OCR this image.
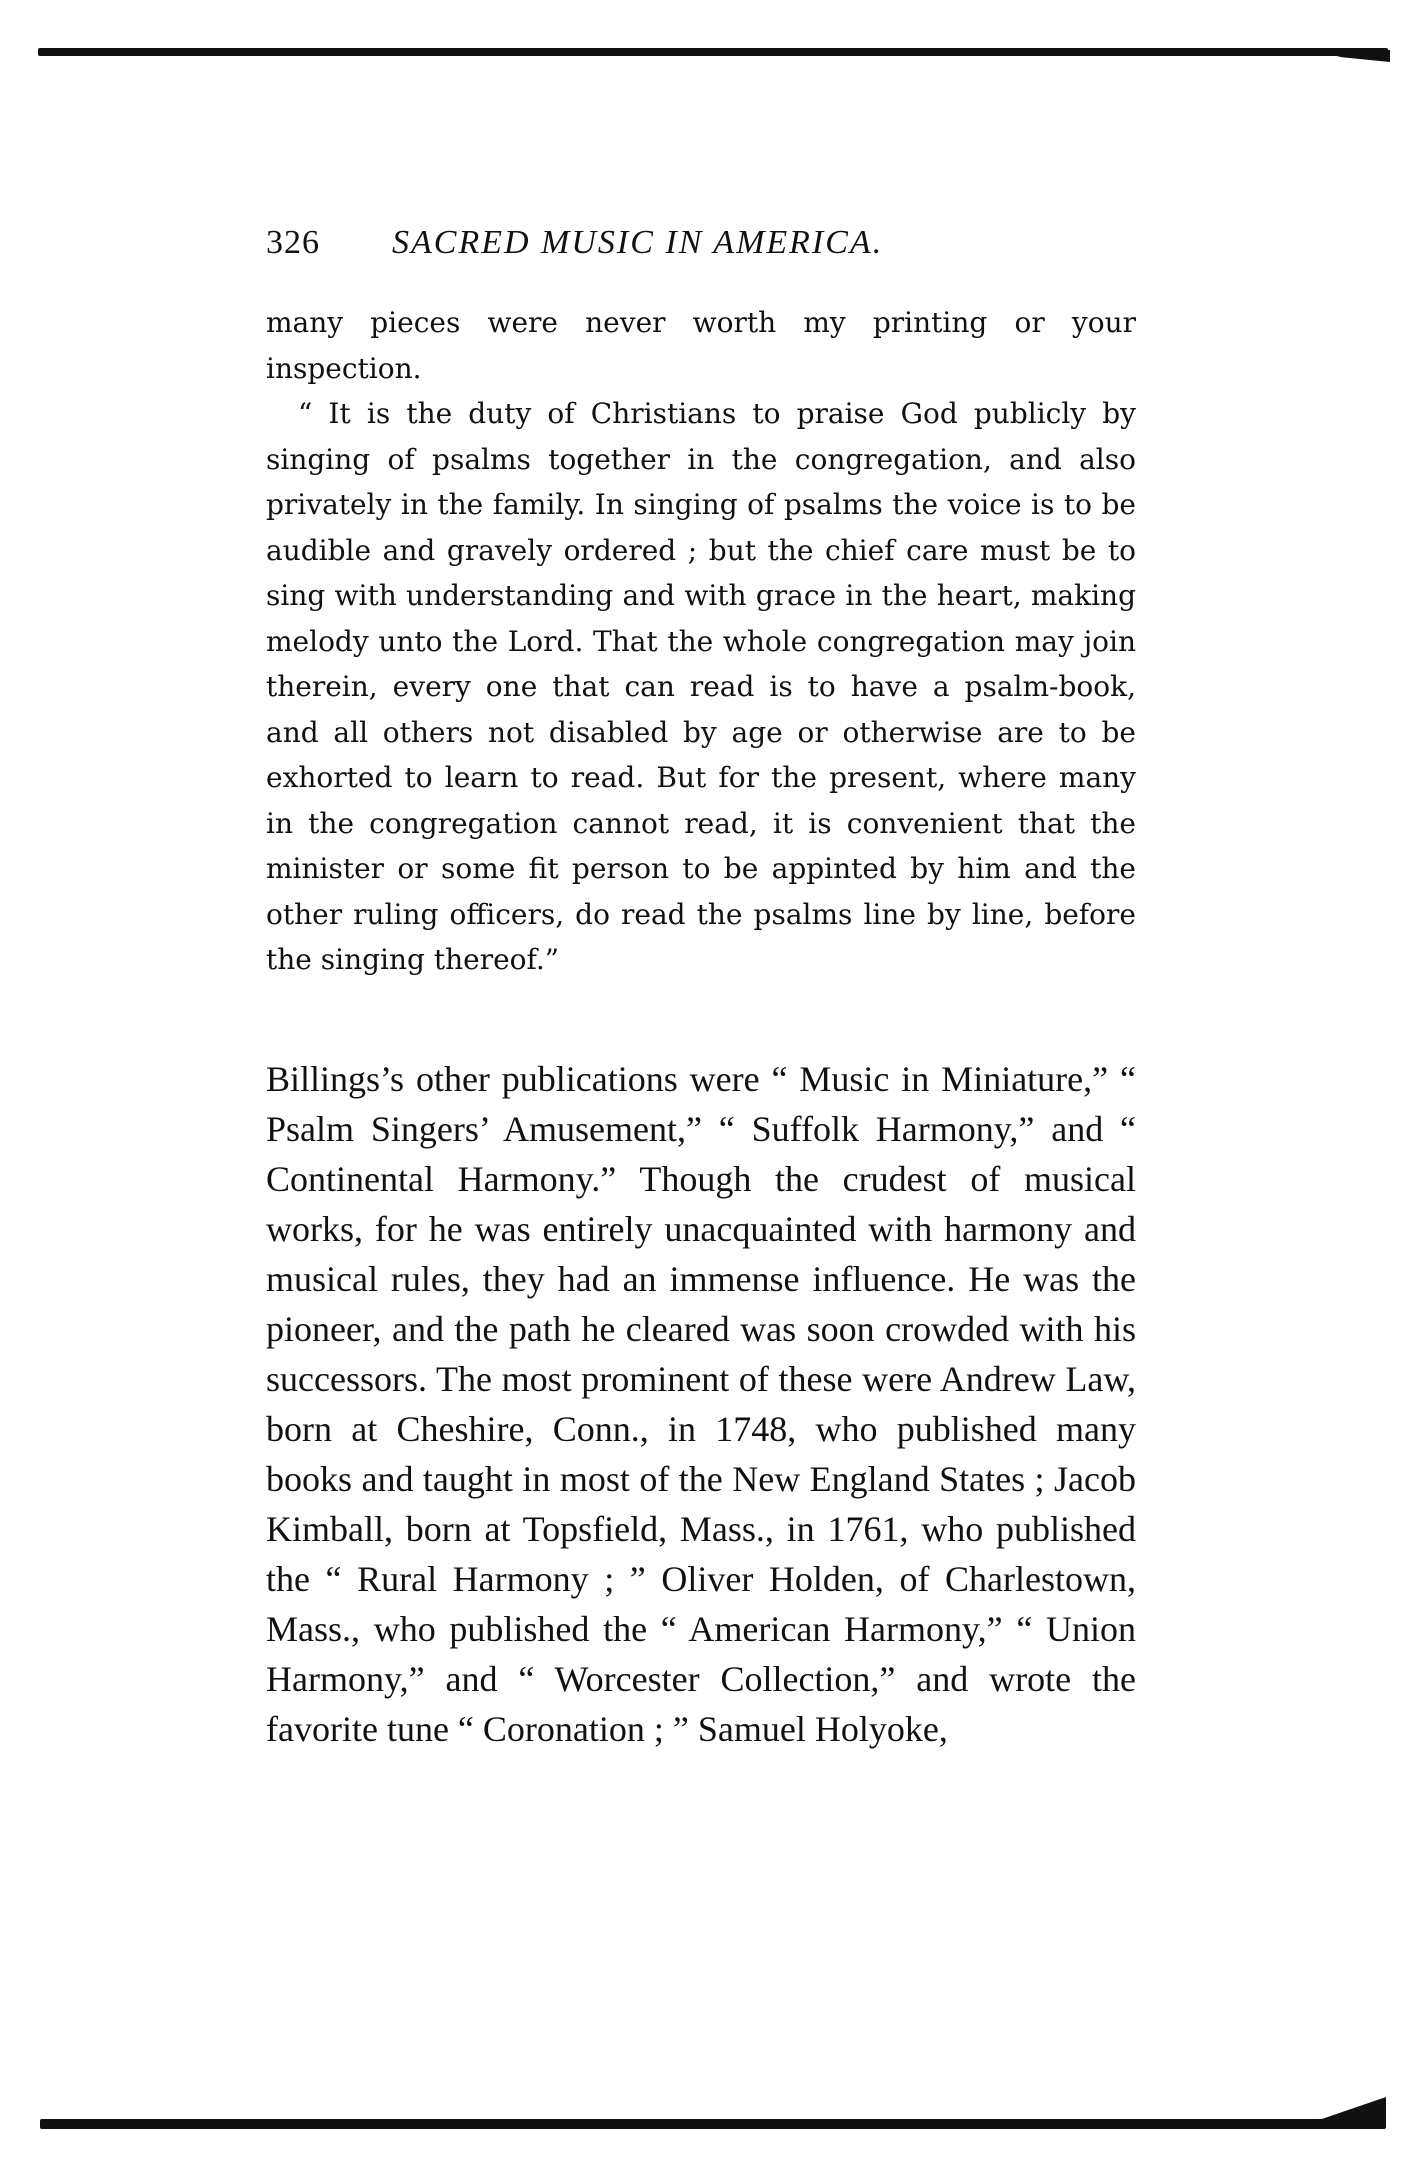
326 SACRED MUSIC IN AMERICA.

many pieces were never worth my printing or your inspection.

“ It is the duty of Christians to praise God publicly by singing of psalms together in the congregation, and also privately in the family. In singing of psalms the voice is to be audible and gravely ordered ; but the chief care must be to sing with understanding and with grace in the heart, making melody unto the Lord. That the whole congregation may join therein, every one that can read is to have a psalm-book, and all others not disabled by age or otherwise are to be exhorted to learn to read. But for the present, where many in the congregation cannot read, it is convenient that the minister or some fit person to be appinted by him and the other ruling officers, do read the psalms line by line, before the singing thereof.”

Billings’s other publications were “ Music in Miniature,” “ Psalm Singers’ Amusement,” “ Suffolk Harmony,” and “ Continental Harmony.” Though the crudest of musical works, for he was entirely unacquainted with harmony and musical rules, they had an immense influence. He was the pioneer, and the path he cleared was soon crowded with his successors. The most prominent of these were Andrew Law, born at Cheshire, Conn., in 1748, who published many books and taught in most of the New England States ; Jacob Kimball, born at Topsfield, Mass., in 1761, who published the “ Rural Harmony ; ” Oliver Holden, of Charlestown, Mass., who published the “ American Harmony,” “ Union Harmony,” and “ Worcester Collection,” and wrote the favorite tune “ Coronation ; ” Samuel Holyoke,
